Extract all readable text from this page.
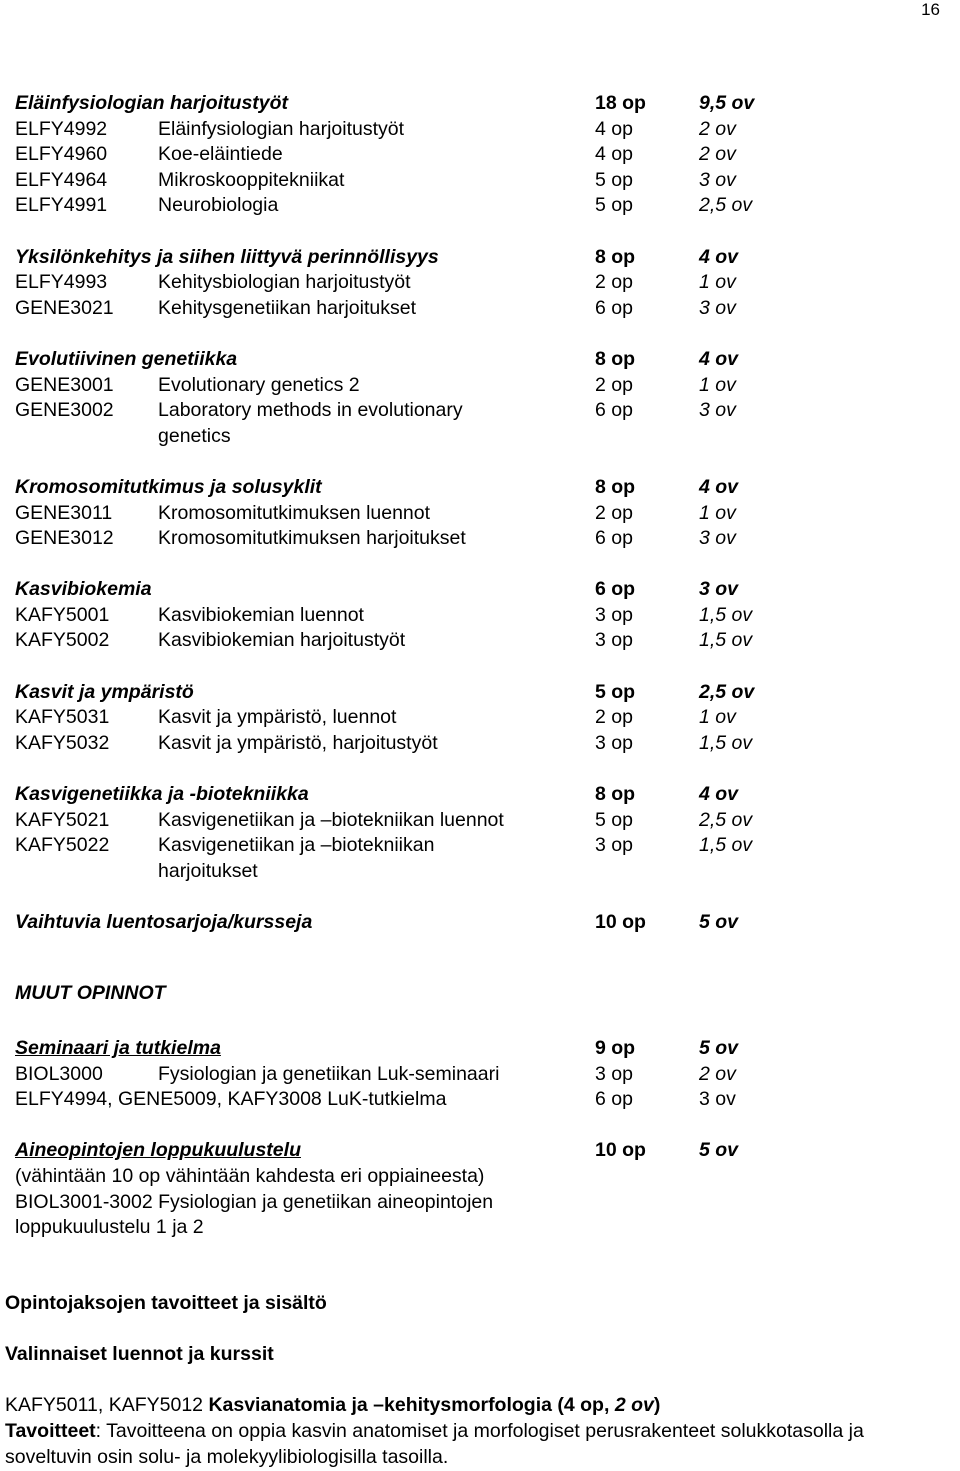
16
Eläinfysiologian harjoitustyöt	18 op	9,5 ov
ELFY4992	Eläinfysiologian harjoitustyöt	4 op	2 ov
ELFY4960	Koe-eläintiede	4 op	2 ov
ELFY4964	Mikroskooppitekniikat	5 op	3 ov
ELFY4991	Neurobiologia	5 op	2,5 ov
Yksilönkehitys ja siihen liittyvä perinnöllisyys	8 op	4 ov
ELFY4993	Kehitysbiologian harjoitustyöt	2 op	1 ov
GENE3021 Kehitysgenetiikan harjoitukset	6 op	3 ov
Evolutiivinen genetiikka	8 op	4 ov
GENE3001 Evolutionary genetics 2	2 op	1 ov
GENE3002 Laboratory methods in evolutionary	6 op	3 ov
genetics
Kromosomitutkimus ja solusyklit	8 op	4 ov
GENE3011 Kromosomitutkimuksen luennot	2 op	1 ov
GENE3012 Kromosomitutkimuksen harjoitukset	6 op	3 ov
Kasvibiokemia	6 op	3 ov
KAFY5001 Kasvibiokemian luennot	3 op	1,5 ov
KAFY5002 Kasvibiokemian harjoitustyöt	3 op	1,5 ov
Kasvit ja ympäristö	5 op	2,5 ov
KAFY5031 Kasvit ja ympäristö, luennot	2 op	1 ov
KAFY5032 Kasvit ja ympäristö, harjoitustyöt	3 op	1,5 ov
Kasvigenetiikka ja -biotekniikka	8 op	4 ov
KAFY5021 Kasvigenetiikan ja –biotekniikan luennot	5 op	2,5 ov
KAFY5022 Kasvigenetiikan ja –biotekniikan	3 op	1,5 ov
harjoitukset
Vaihtuvia luentosarjoja/kursseja	10 op	5 ov
MUUT OPINNOT
Seminaari ja tutkielma	9 op	5 ov
BIOL3000	Fysiologian ja genetiikan Luk-seminaari	3 op	2 ov
ELFY4994, GENE5009, KAFY3008 LuK-tutkielma	6 op	3 ov
Aineopintojen loppukuulustelu	10 op	5 ov
(vähintään 10 op vähintään kahdesta eri oppiaineesta)
BIOL3001-3002 Fysiologian ja genetiikan aineopintojen
loppukuulustelu 1 ja 2
Opintojaksojen tavoitteet ja sisältö
Valinnaiset luennot ja kurssit
KAFY5011, KAFY5012 Kasvianatomia ja –kehitysmorfologia (4 op, 2 ov)
Tavoitteet: Tavoitteena on oppia kasvin anatomiset ja morfologiset perusrakenteet solukkotasolla ja soveltuvin osin solu- ja molekyylibiologisilla tasoilla.
